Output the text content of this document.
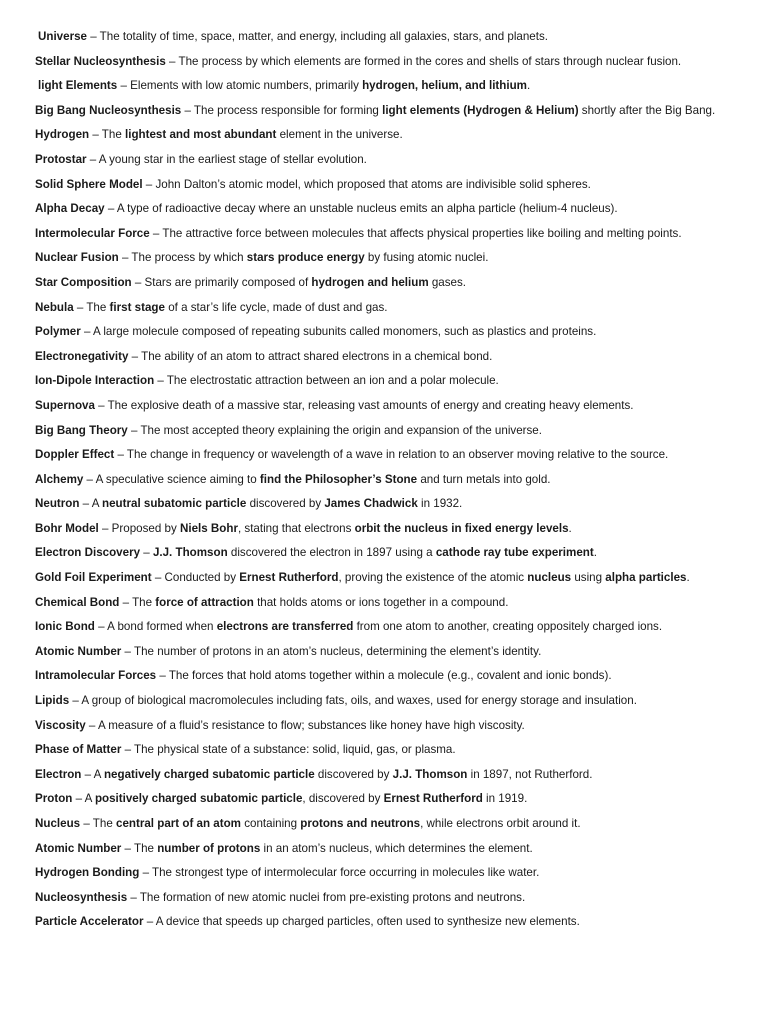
Universe – The totality of time, space, matter, and energy, including all galaxies, stars, and planets.
Stellar Nucleosynthesis – The process by which elements are formed in the cores and shells of stars through nuclear fusion.
light Elements – Elements with low atomic numbers, primarily hydrogen, helium, and lithium.
Big Bang Nucleosynthesis – The process responsible for forming light elements (Hydrogen & Helium) shortly after the Big Bang.
Hydrogen – The lightest and most abundant element in the universe.
Protostar – A young star in the earliest stage of stellar evolution.
Solid Sphere Model – John Dalton’s atomic model, which proposed that atoms are indivisible solid spheres.
Alpha Decay – A type of radioactive decay where an unstable nucleus emits an alpha particle (helium-4 nucleus).
Intermolecular Force – The attractive force between molecules that affects physical properties like boiling and melting points.
Nuclear Fusion – The process by which stars produce energy by fusing atomic nuclei.
Star Composition – Stars are primarily composed of hydrogen and helium gases.
Nebula – The first stage of a star’s life cycle, made of dust and gas.
Polymer – A large molecule composed of repeating subunits called monomers, such as plastics and proteins.
Electronegativity – The ability of an atom to attract shared electrons in a chemical bond.
Ion-Dipole Interaction – The electrostatic attraction between an ion and a polar molecule.
Supernova – The explosive death of a massive star, releasing vast amounts of energy and creating heavy elements.
Big Bang Theory – The most accepted theory explaining the origin and expansion of the universe.
Doppler Effect – The change in frequency or wavelength of a wave in relation to an observer moving relative to the source.
Alchemy – A speculative science aiming to find the Philosopher’s Stone and turn metals into gold.
Neutron – A neutral subatomic particle discovered by James Chadwick in 1932.
Bohr Model – Proposed by Niels Bohr, stating that electrons orbit the nucleus in fixed energy levels.
Electron Discovery – J.J. Thomson discovered the electron in 1897 using a cathode ray tube experiment.
Gold Foil Experiment – Conducted by Ernest Rutherford, proving the existence of the atomic nucleus using alpha particles.
Chemical Bond – The force of attraction that holds atoms or ions together in a compound.
Ionic Bond – A bond formed when electrons are transferred from one atom to another, creating oppositely charged ions.
Atomic Number – The number of protons in an atom’s nucleus, determining the element’s identity.
Intramolecular Forces – The forces that hold atoms together within a molecule (e.g., covalent and ionic bonds).
Lipids – A group of biological macromolecules including fats, oils, and waxes, used for energy storage and insulation.
Viscosity – A measure of a fluid’s resistance to flow; substances like honey have high viscosity.
Phase of Matter – The physical state of a substance: solid, liquid, gas, or plasma.
Electron – A negatively charged subatomic particle discovered by J.J. Thomson in 1897, not Rutherford.
Proton – A positively charged subatomic particle, discovered by Ernest Rutherford in 1919.
Nucleus – The central part of an atom containing protons and neutrons, while electrons orbit around it.
Atomic Number – The number of protons in an atom’s nucleus, which determines the element.
Hydrogen Bonding – The strongest type of intermolecular force occurring in molecules like water.
Nucleosynthesis – The formation of new atomic nuclei from pre-existing protons and neutrons.
Particle Accelerator – A device that speeds up charged particles, often used to synthesize new elements.
